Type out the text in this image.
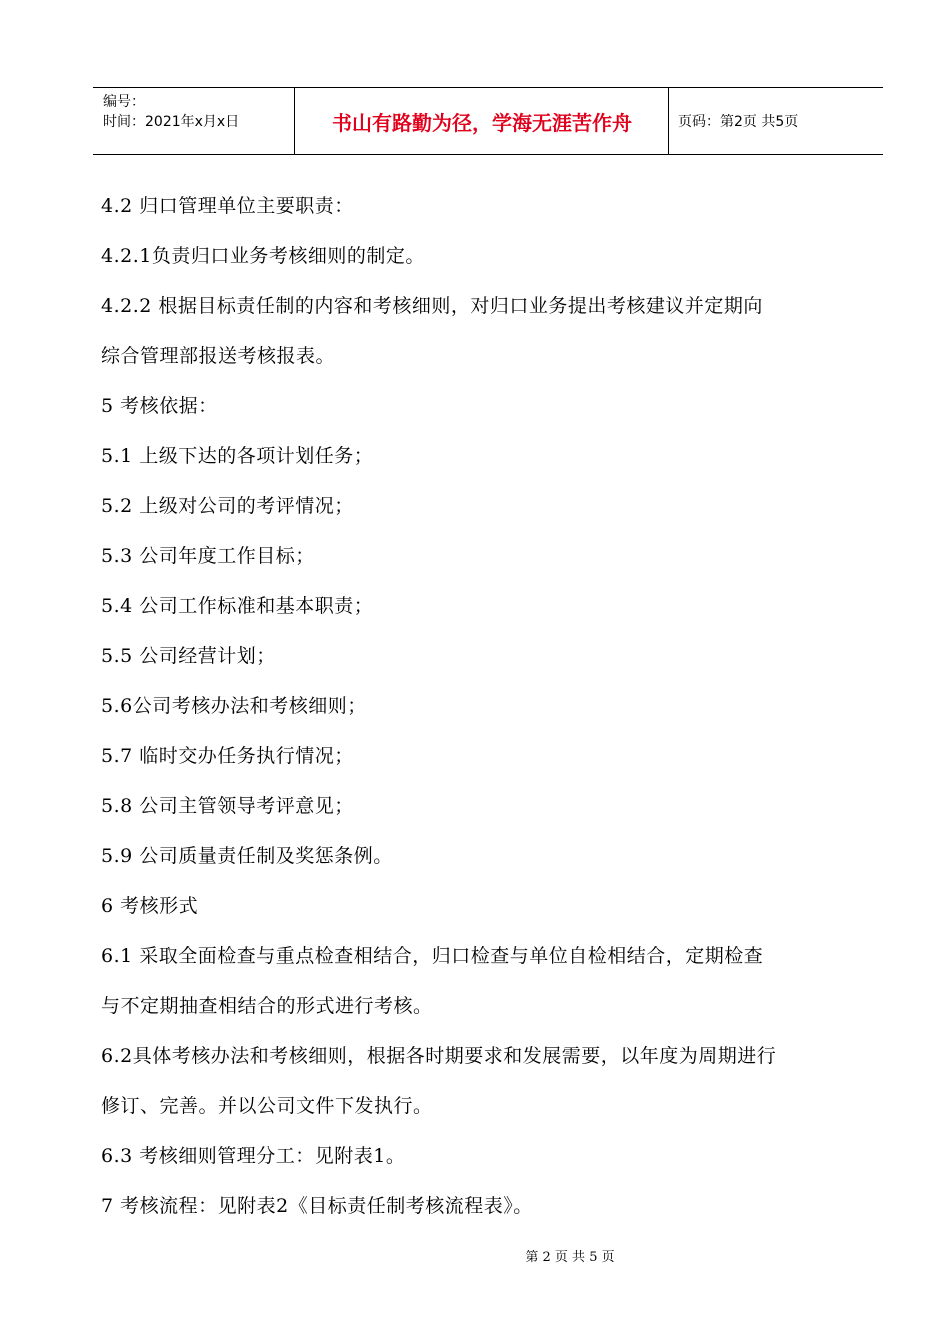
编号：
时间：2021年x月x日	书山有路勤为径，学海无涯苦作舟	页码：第2页 共5页
4.2 归口管理单位主要职责：
4.2.1负责归口业务考核细则的制定。
4.2.2 根据目标责任制的内容和考核细则，对归口业务提出考核建议并定期向
综合管理部报送考核报表。
5 考核依据：
5.1 上级下达的各项计划任务；
5.2 上级对公司的考评情况；
5.3 公司年度工作目标；
5.4 公司工作标准和基本职责；
5.5 公司经营计划；
5.6公司考核办法和考核细则；
5.7 临时交办任务执行情况；
5.8 公司主管领导考评意见；
5.9 公司质量责任制及奖惩条例。
6 考核形式
6.1 采取全面检查与重点检查相结合，归口检查与单位自检相结合，定期检查
与不定期抽查相结合的形式进行考核。
6.2具体考核办法和考核细则，根据各时期要求和发展需要，以年度为周期进行
修订、完善。并以公司文件下发执行。
6.3 考核细则管理分工：见附表1。
7 考核流程：见附表2《目标责任制考核流程表》。
第 2 页 共 5 页
